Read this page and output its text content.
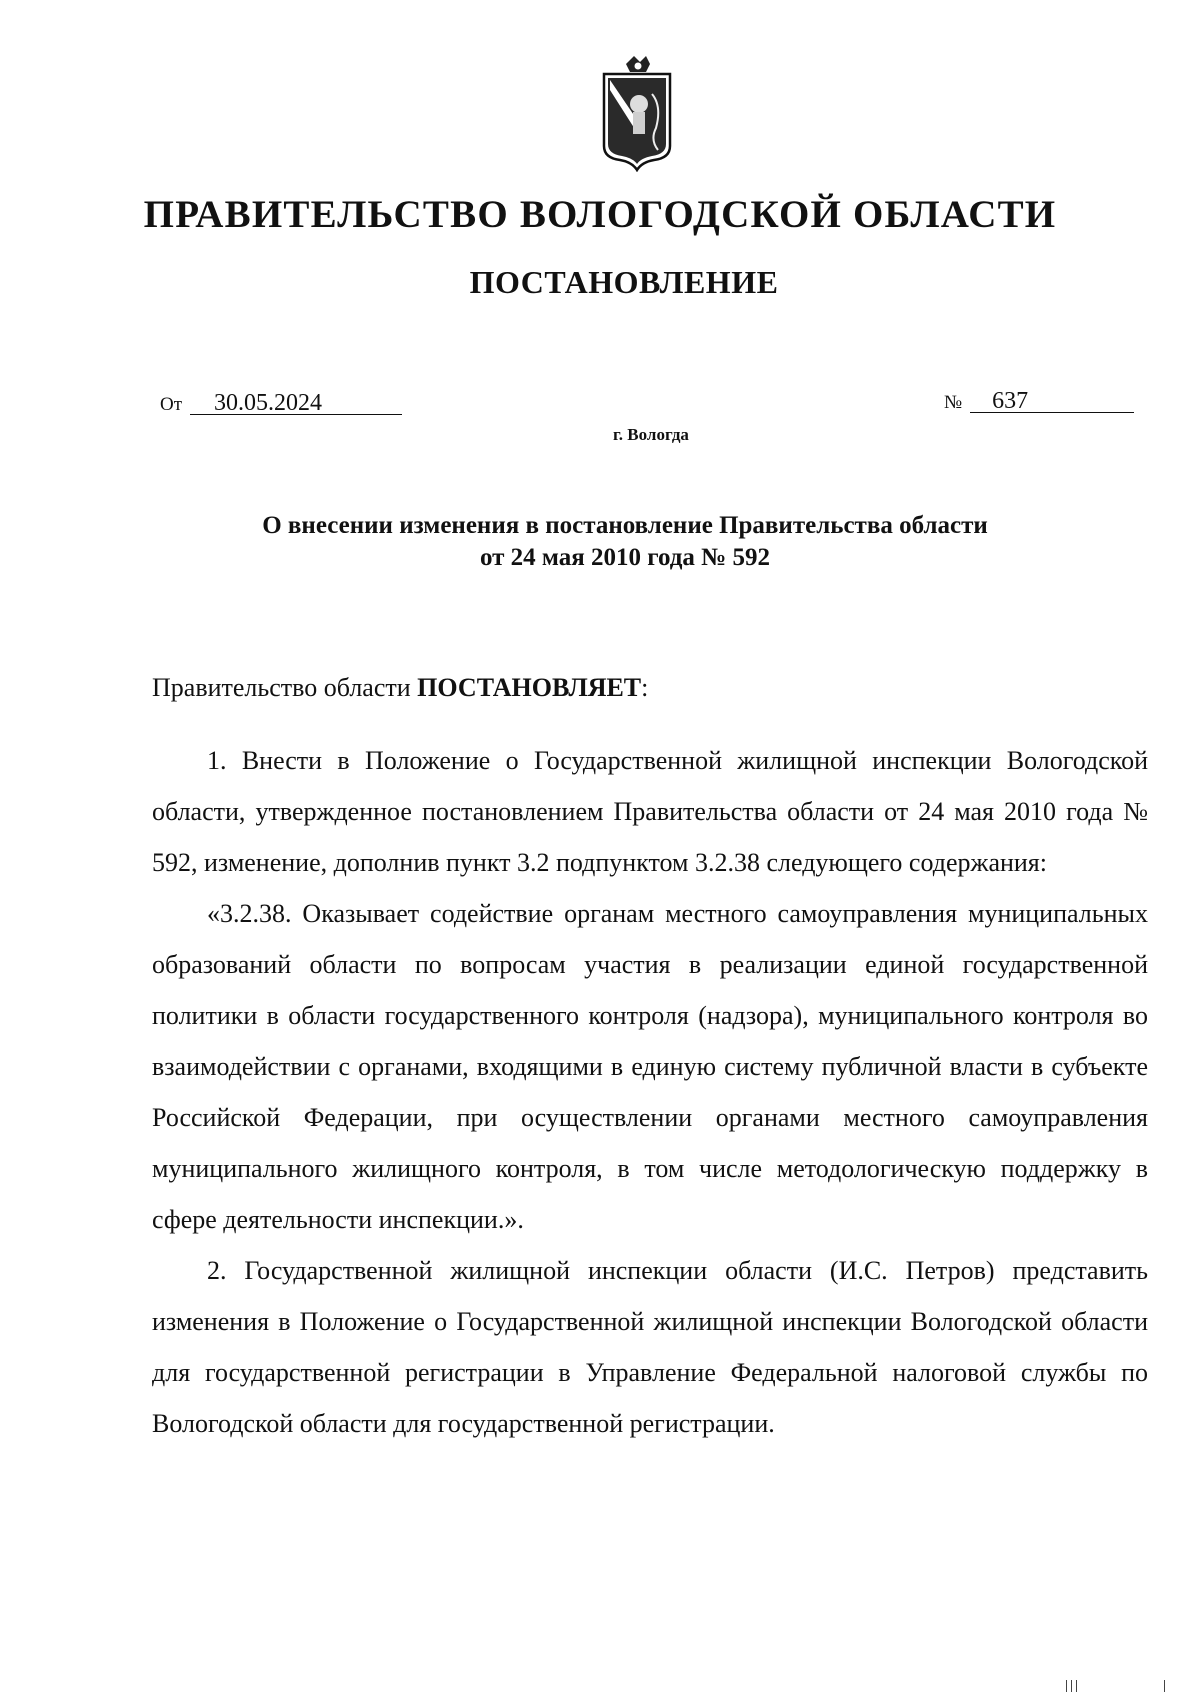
ПРАВИТЕЛЬСТВО ВОЛОГОДСКОЙ ОБЛАСТИ
ПОСТАНОВЛЕНИЕ
От 30.05.2024	№ 637
г. Вологда
О внесении изменения в постановление Правительства области
от 24 мая 2010 года № 592

Правительство области ПОСТАНОВЛЯЕТ:

1. Внести в Положение о Государственной жилищной инспекции Вологодской области, утвержденное постановлением Правительства области от 24 мая 2010 года № 592, изменение, дополнив пункт 3.2 подпунктом 3.2.38 следующего содержания:

«3.2.38. Оказывает содействие органам местного самоуправления муниципальных образований области по вопросам участия в реализации единой государственной политики в области государственного контроля (надзора), муниципального контроля во взаимодействии с органами, входящими в единую систему публичной власти в субъекте Российской Федерации, при осуществлении органами местного самоуправления муниципального жилищного контроля, в том числе методологическую поддержку в сфере деятельности инспекции.».

2. Государственной жилищной инспекции области (И.С. Петров) представить изменения в Положение о Государственной жилищной инспекции Вологодской области для государственной регистрации в Управление Федеральной налоговой службы по Вологодской области для государственной регистрации.
